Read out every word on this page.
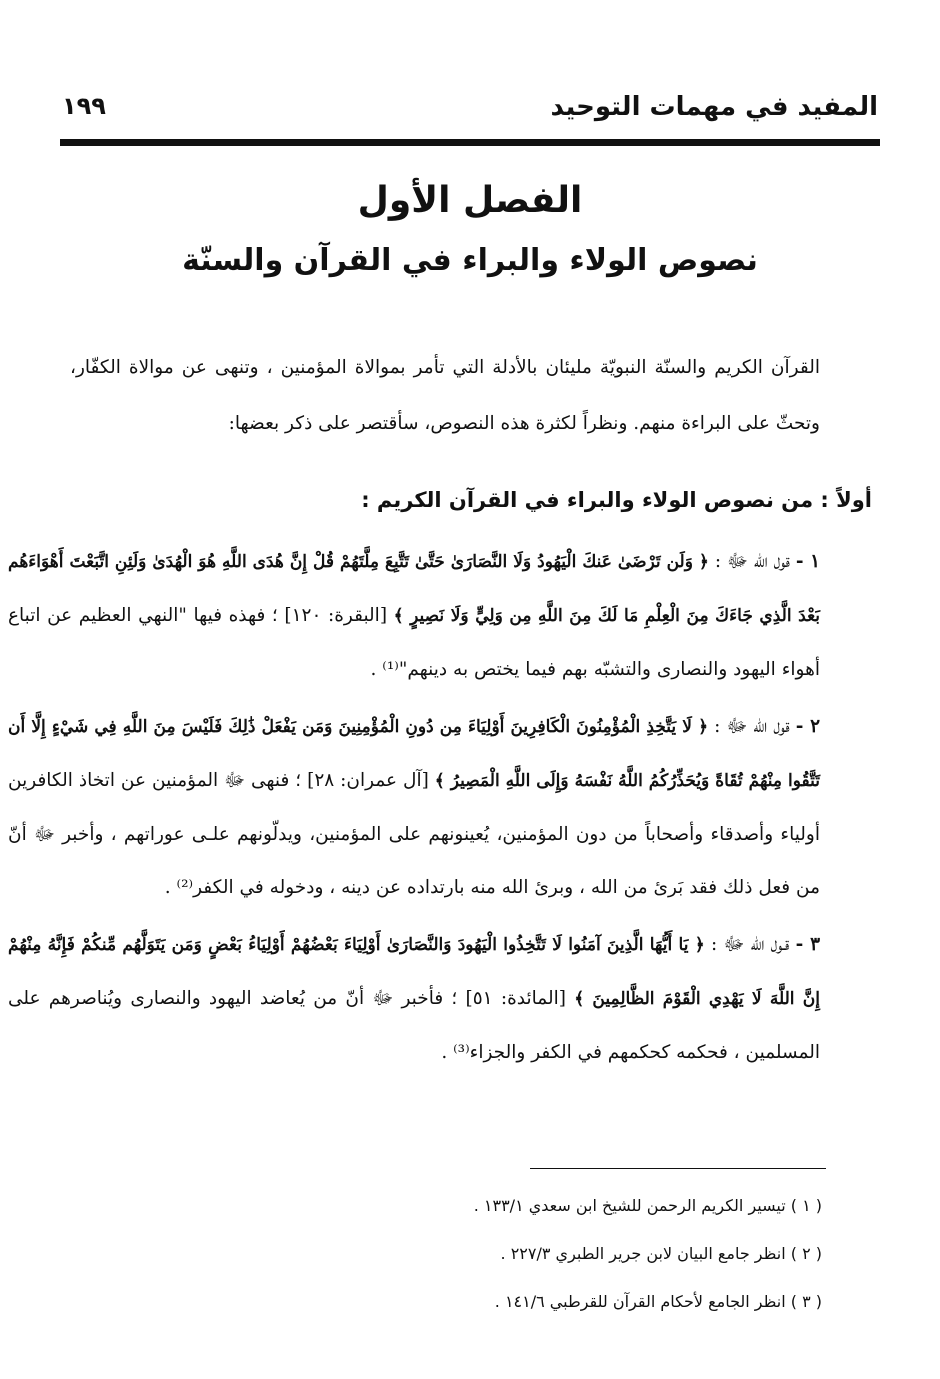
١٩٩	المفيد في مهمات التوحيد
الفصل الأول
نصوص الولاء والبراء في القرآن والسنّة

القرآن الكريم والسنّة النبويّة مليئان بالأدلة التي تأمر بموالاة المؤمنين ، وتنهى عن موالاة الكفّار، وتحثّ على البراءة منهم. ونظراً لكثرة هذه النصوص، سأقتصر على ذكر بعضها:

أولاً : من نصوص الولاء والبراء في القرآن الكريم :

١ - قول الله ﷻ : ﴿ وَلَن تَرْضَىٰ عَنكَ الْيَهُودُ وَلَا النَّصَارَىٰ حَتَّىٰ تَتَّبِعَ مِلَّتَهُمْ قُلْ إِنَّ هُدَى اللَّهِ هُوَ الْهُدَىٰ وَلَئِنِ اتَّبَعْتَ أَهْوَاءَهُم بَعْدَ الَّذِي جَاءَكَ مِنَ الْعِلْمِ مَا لَكَ مِنَ اللَّهِ مِن وَلِيٍّ وَلَا نَصِيرٍ ﴾ [البقرة: ١٢٠] ؛ فهذه فيها "النهي العظيم عن اتباع أهواء اليهود والنصارى والتشبّه بهم فيما يختص به دينهم"⁽¹⁾ .

٢ - قول الله ﷻ : ﴿ لَا يَتَّخِذِ الْمُؤْمِنُونَ الْكَافِرِينَ أَوْلِيَاءَ مِن دُونِ الْمُؤْمِنِينَ وَمَن يَفْعَلْ ذَٰلِكَ فَلَيْسَ مِنَ اللَّهِ فِي شَيْءٍ إِلَّا أَن تَتَّقُوا مِنْهُمْ تُقَاةً وَيُحَذِّرُكُمُ اللَّهُ نَفْسَهُ وَإِلَى اللَّهِ الْمَصِيرُ ﴾ [آل عمران: ٢٨] ؛ فنهى ﷻ المؤمنين عن اتخاذ الكافرين أولياء وأصدقاء وأصحاباً من دون المؤمنين، يُعينونهم على المؤمنين، ويدلّونهم علـى عوراتهم ، وأخبر ﷻ أنّ من فعل ذلك فقد بَرئ من الله ، وبرئ الله منه بارتداده عن دينه ، ودخوله في الكفر⁽²⁾ .

٣ - قـول الله ﷻ : ﴿ يَا أَيُّهَا الَّذِينَ آمَنُوا لَا تَتَّخِذُوا الْيَهُودَ وَالنَّصَارَىٰ أَوْلِيَاءَ بَعْضُهُمْ أَوْلِيَاءُ بَعْضٍ وَمَن يَتَوَلَّهُم مِّنكُمْ فَإِنَّهُ مِنْهُمْ إِنَّ اللَّهَ لَا يَهْدِي الْقَوْمَ الظَّالِمِينَ ﴾ [المائدة: ٥١] ؛ فأخبر ﷻ أنّ من يُعاضد اليهود والنصارى ويُناصرهم على المسلمين ، فحكمه كحكمهم في الكفر والجزاء⁽³⁾ .

( ١ ) تيسير الكريم الرحمن للشيخ ابن سعدي ١٣٣/١ .
( ٢ ) انظر جامع البيان لابن جرير الطبري ٢٢٧/٣ .
( ٣ ) انظر الجامع لأحكام القرآن للقرطبي ١٤١/٦ .
